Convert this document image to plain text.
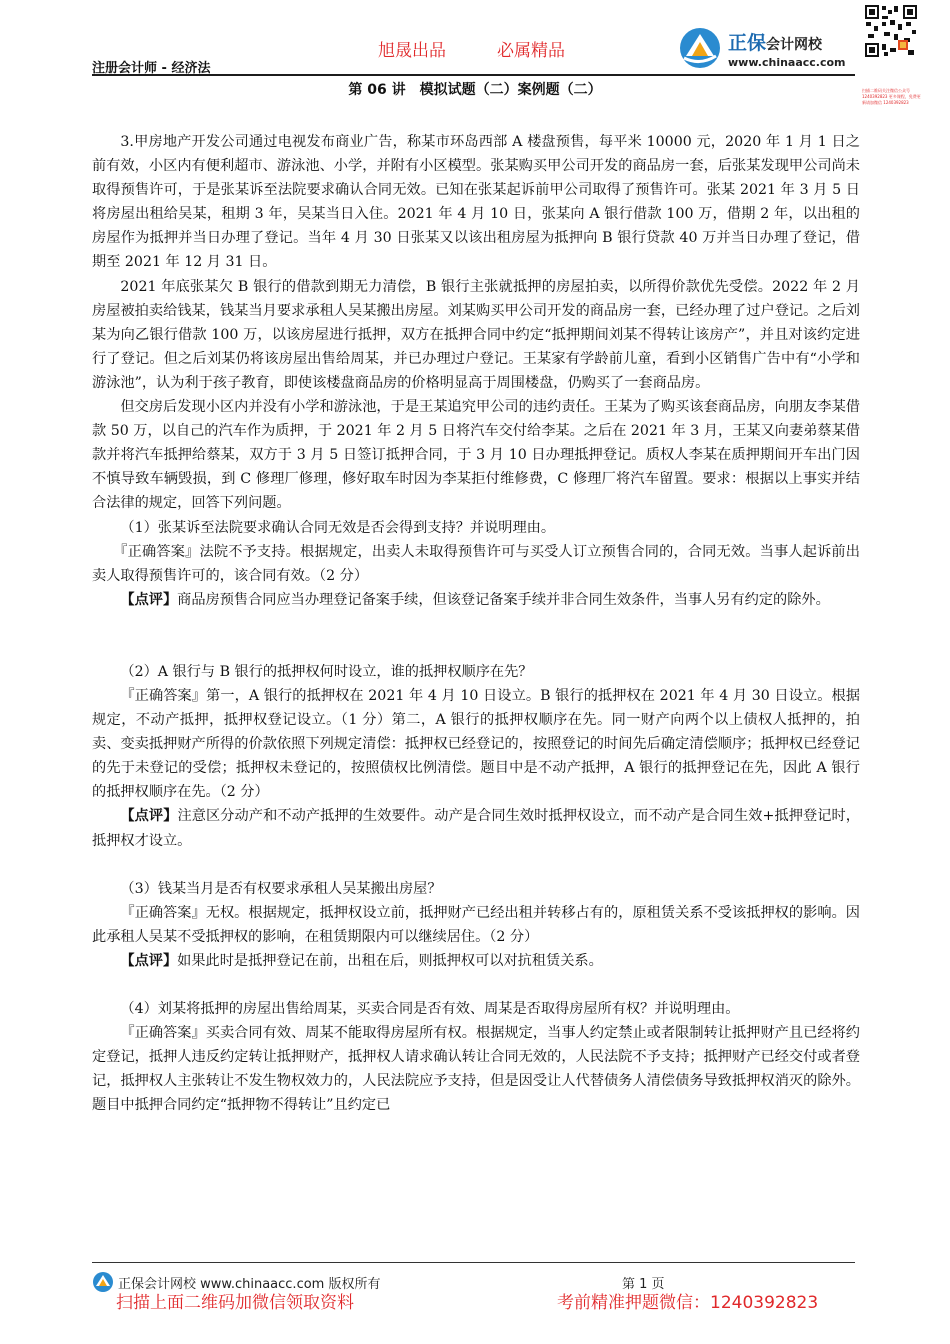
注册会计师 - 经济法
旭晟出品	必属精品	正保会计网校
www.chinaacc.com
扫描二维码关注微信公众号 1240392823 更多课程，免费更新请加微信 1240392823
第 06 讲　模拟试题（二）案例题（二）

3.甲房地产开发公司通过电视发布商业广告，称某市环岛西部 A 楼盘预售，每平米 10000 元，2020 年 1 月 1 日之前有效，小区内有便利超市、游泳池、小学，并附有小区模型。张某购买甲公司开发的商品房一套，后张某发现甲公司尚未取得预售许可，于是张某诉至法院要求确认合同无效。已知在张某起诉前甲公司取得了预售许可。张某 2021 年 3 月 5 日将房屋出租给吴某，租期 3 年，吴某当日入住。2021 年 4 月 10 日，张某向 A 银行借款 100 万，借期 2 年，以出租的房屋作为抵押并当日办理了登记。当年 4 月 30 日张某又以该出租房屋为抵押向 B 银行贷款 40 万并当日办理了登记，借期至 2021 年 12 月 31 日。

2021 年底张某欠 B 银行的借款到期无力清偿，B 银行主张就抵押的房屋拍卖，以所得价款优先受偿。2022 年 2 月房屋被拍卖给钱某，钱某当月要求承租人吴某搬出房屋。刘某购买甲公司开发的商品房一套，已经办理了过户登记。之后刘某为向乙银行借款 100 万，以该房屋进行抵押，双方在抵押合同中约定“抵押期间刘某不得转让该房产”，并且对该约定进行了登记。但之后刘某仍将该房屋出售给周某，并已办理过户登记。王某家有学龄前儿童，看到小区销售广告中有“小学和游泳池”，认为利于孩子教育，即使该楼盘商品房的价格明显高于周围楼盘，仍购买了一套商品房。

但交房后发现小区内并没有小学和游泳池，于是王某追究甲公司的违约责任。王某为了购买该套商品房，向朋友李某借款 50 万，以自己的汽车作为质押，于 2021 年 2 月 5 日将汽车交付给李某。之后在 2021 年 3 月，王某又向妻弟蔡某借款并将汽车抵押给蔡某，双方于 3 月 5 日签订抵押合同，于 3 月 10 日办理抵押登记。质权人李某在质押期间开车出门因不慎导致车辆毁损，到 C 修理厂修理，修好取车时因为李某拒付维修费，C 修理厂将汽车留置。要求：根据以上事实并结合法律的规定，回答下列问题。

（1）张某诉至法院要求确认合同无效是否会得到支持？并说明理由。

『正确答案』法院不予支持。根据规定，出卖人未取得预售许可与买受人订立预售合同的，合同无效。当事人起诉前出卖人取得预售许可的，该合同有效。（2 分）

【点评】商品房预售合同应当办理登记备案手续，但该登记备案手续并非合同生效条件，当事人另有约定的除外。

（2）A 银行与 B 银行的抵押权何时设立，谁的抵押权顺序在先？

『正确答案』第一，A 银行的抵押权在 2021 年 4 月 10 日设立。B 银行的抵押权在 2021 年 4 月 30 日设立。根据规定，不动产抵押，抵押权登记设立。（1 分）第二，A 银行的抵押权顺序在先。同一财产向两个以上债权人抵押的，拍卖、变卖抵押财产所得的价款依照下列规定清偿：抵押权已经登记的，按照登记的时间先后确定清偿顺序；抵押权已经登记的先于未登记的受偿；抵押权未登记的，按照债权比例清偿。题目中是不动产抵押，A 银行的抵押登记在先，因此 A 银行的抵押权顺序在先。（2 分）

【点评】注意区分动产和不动产抵押的生效要件。动产是合同生效时抵押权设立，而不动产是合同生效+抵押登记时，抵押权才设立。

（3）钱某当月是否有权要求承租人吴某搬出房屋？

『正确答案』无权。根据规定，抵押权设立前，抵押财产已经出租并转移占有的，原租赁关系不受该抵押权的影响。因此承租人吴某不受抵押权的影响，在租赁期限内可以继续居住。（2 分）

【点评】如果此时是抵押登记在前，出租在后，则抵押权可以对抗租赁关系。

（4）刘某将抵押的房屋出售给周某，买卖合同是否有效、周某是否取得房屋所有权？并说明理由。

『正确答案』买卖合同有效、周某不能取得房屋所有权。根据规定，当事人约定禁止或者限制转让抵押财产且已经将约定登记，抵押人违反约定转让抵押财产，抵押权人请求确认转让合同无效的，人民法院不予支持；抵押财产已经交付或者登记，抵押权人主张转让不发生物权效力的，人民法院应予支持，但是因受让人代替债务人清偿债务导致抵押权消灭的除外。题目中抵押合同约定“抵押物不得转让”且约定已

正保会计网校 www.chinaacc.com 版权所有	第 1 页
扫描上面二维码加微信领取资料	考前精准押题微信：1240392823
